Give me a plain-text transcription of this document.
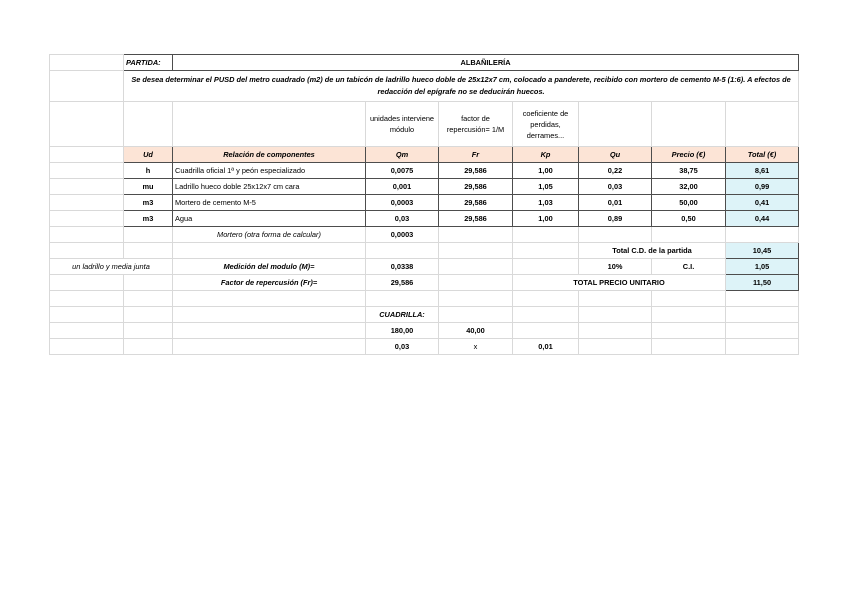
	PARTIDA:	ALBAÑILERÍA						
	Se desea determinar el PUSD del metro cuadrado (m2) de un tabicón de ladrillo hueco doble de 25x12x7 cm, colocado a panderete, recibido con mortero de cemento M-5 (1:6). A efectos de redacción del epígrafe no se deducirán huecos.							
			unidades interviene módulo	factor de repercusión= 1/M	coeficiente de perdidas, derrames...			
	Ud	Relación de componentes	Qm	Fr	Kp	Qu	Precio (€)	Total (€)
	h	Cuadrilla oficial 1ª y peón especializado	0,0075	29,586	1,00	0,22	38,75	8,61
	mu	Ladrillo hueco doble 25x12x7 cm cara	0,001	29,586	1,05	0,03	32,00	0,99
	m3	Mortero de cemento M-5	0,0003	29,586	1,03	0,01	50,00	0,41
	m3	Agua	0,03	29,586	1,00	0,89	0,50	0,44
		Mortero (otra forma de calcular)	0,0003					
						Total C.D. de la partida		10,45
un ladrillo y media junta		Medición del modulo (M)=	0,0338			10%	C.I.	1,05
		Factor de repercusión (Fr)=	29,586		TOTAL PRECIO UNITARIO			11,50

			CUADRILLA:					
			180,00	40,00				
			0,03	x	0,01			
